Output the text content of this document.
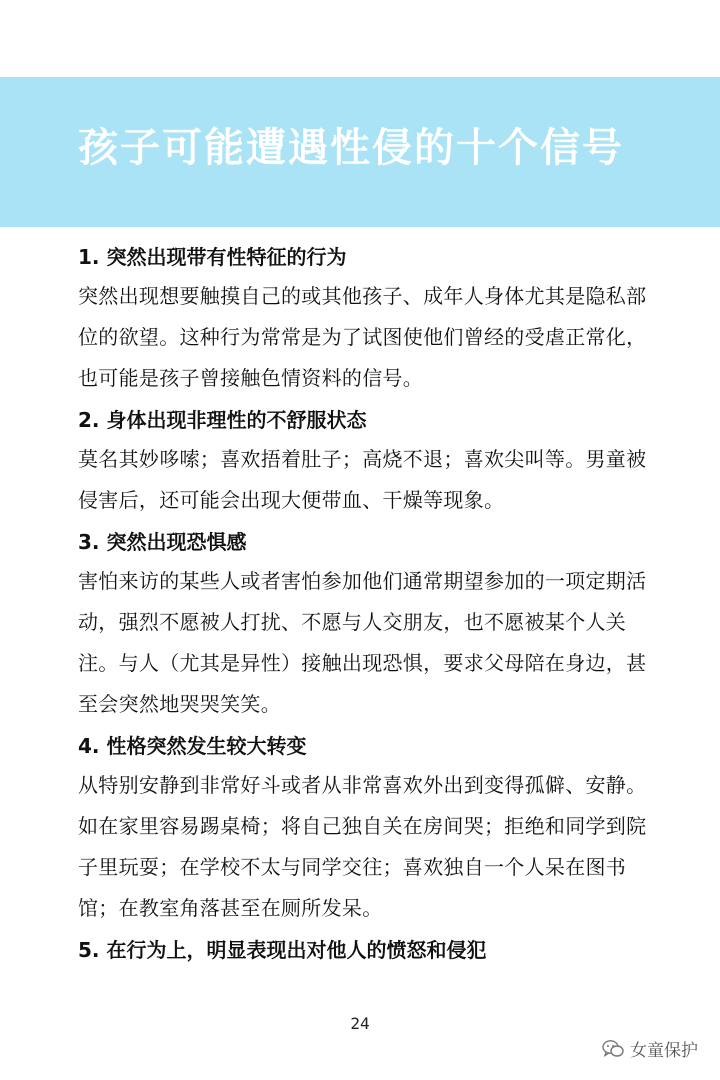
孩子可能遭遇性侵的十个信号

1. 突然出现带有性特征的行为

突然出现想要触摸自己的或其他孩子、成年人身体尤其是隐私部位的欲望。这种行为常常是为了试图使他们曾经的受虐正常化，也可能是孩子曾接触色情资料的信号。

2. 身体出现非理性的不舒服状态

莫名其妙哆嗦；喜欢捂着肚子；高烧不退；喜欢尖叫等。男童被侵害后，还可能会出现大便带血、干燥等现象。

3. 突然出现恐惧感

害怕来访的某些人或者害怕参加他们通常期望参加的一项定期活动，强烈不愿被人打扰、不愿与人交朋友，也不愿被某个人关注。与人（尤其是异性）接触出现恐惧，要求父母陪在身边，甚至会突然地哭哭笑笑。

4. 性格突然发生较大转变

从特别安静到非常好斗或者从非常喜欢外出到变得孤僻、安静。如在家里容易踢桌椅；将自己独自关在房间哭；拒绝和同学到院子里玩耍；在学校不太与同学交往；喜欢独自一个人呆在图书馆；在教室角落甚至在厕所发呆。

5. 在行为上，明显表现出对他人的愤怒和侵犯

24
女童保护
